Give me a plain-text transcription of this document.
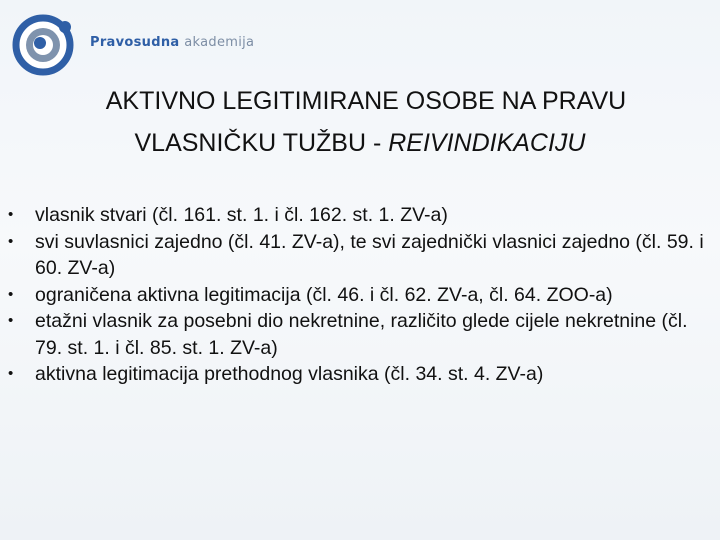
Pravosudna akademija
AKTIVNO LEGITIMIRANE OSOBE NA PRAVU
VLASNIČKU TUŽBU - REIVINDIKACIJU
•	vlasnik stvari (čl. 161. st. 1. i čl. 162. st. 1. ZV-a)
•	svi suvlasnici zajedno (čl. 41. ZV-a), te svi zajednički vlasnici zajedno (čl. 59. i 60. ZV-a)
•	ograničena aktivna legitimacija (čl. 46. i čl. 62. ZV-a, čl. 64. ZOO-a)
•	etažni vlasnik za posebni dio nekretnine, različito glede cijele nekretnine (čl. 79. st. 1. i čl. 85. st. 1. ZV-a)
•	aktivna legitimacija prethodnog vlasnika (čl. 34. st. 4. ZV-a)
